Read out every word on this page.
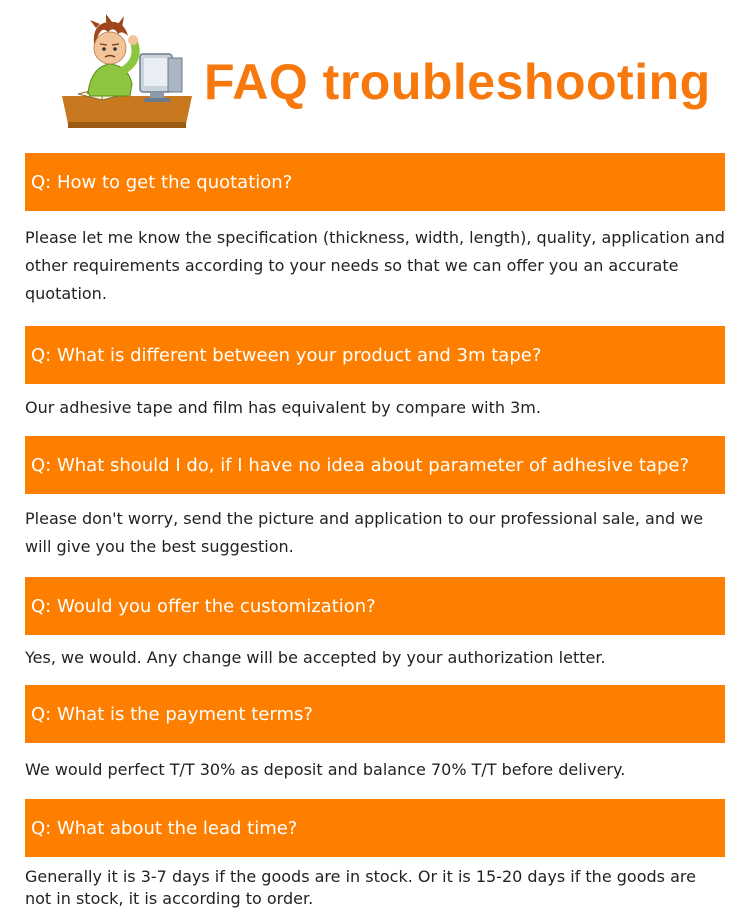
FAQ troubleshooting
Q: How to get the quotation?
Please let me know the specification (thickness, width, length), quality, application and other requirements according to your needs so that we can offer you an accurate quotation.
Q: What is different between your product and 3m tape?
Our adhesive tape and film has equivalent by compare with 3m.
Q: What should I do, if I have no idea about parameter of adhesive tape?
Please don't worry, send the picture and application to our professional sale, and we will give you the best suggestion.
Q: Would you offer the customization?
Yes, we would. Any change will be accepted by your authorization letter.
Q: What is the payment terms?
We would perfect T/T 30% as deposit and balance 70% T/T before delivery.
Q: What about the lead time?
Generally it is 3-7 days if the goods are in stock. Or it is 15-20 days if the goods are not in stock, it is according to order.
